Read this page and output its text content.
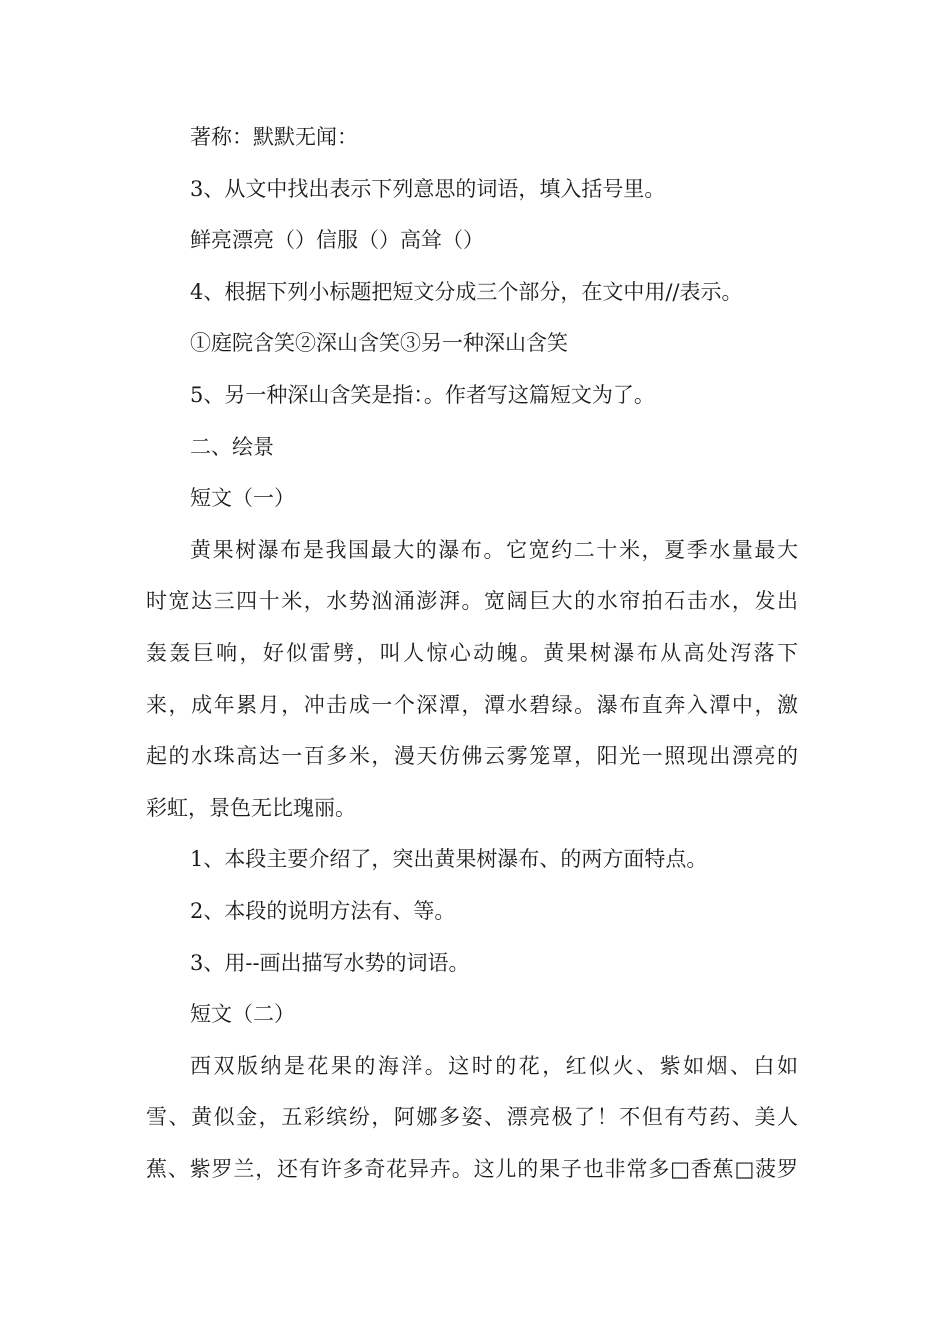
著称：默默无闻：

3、从文中找出表示下列意思的词语，填入括号里。

鲜亮漂亮（）信服（）高耸（）

4、根据下列小标题把短文分成三个部分，在文中用//表示。

①庭院含笑②深山含笑③另一种深山含笑

5、另一种深山含笑是指：。作者写这篇短文为了。

二、绘景

短文（一）

黄果树瀑布是我国最大的瀑布。它宽约二十米，夏季水量最大

时宽达三四十米，水势汹涌澎湃。宽阔巨大的水帘拍石击水，发出

轰轰巨响，好似雷劈，叫人惊心动魄。黄果树瀑布从高处泻落下

来，成年累月，冲击成一个深潭，潭水碧绿。瀑布直奔入潭中，激

起的水珠高达一百多米，漫天仿佛云雾笼罩，阳光一照现出漂亮的

彩虹，景色无比瑰丽。

1、本段主要介绍了，突出黄果树瀑布、的两方面特点。

2、本段的说明方法有、等。

3、用--画出描写水势的词语。

短文（二）

西双版纳是花果的海洋。这时的花，红似火、紫如烟、白如

雪、黄似金，五彩缤纷，阿娜多姿、漂亮极了！不但有芍药、美人

蕉、紫罗兰，还有许多奇花异卉。这儿的果子也非常多□香蕉□菠罗
